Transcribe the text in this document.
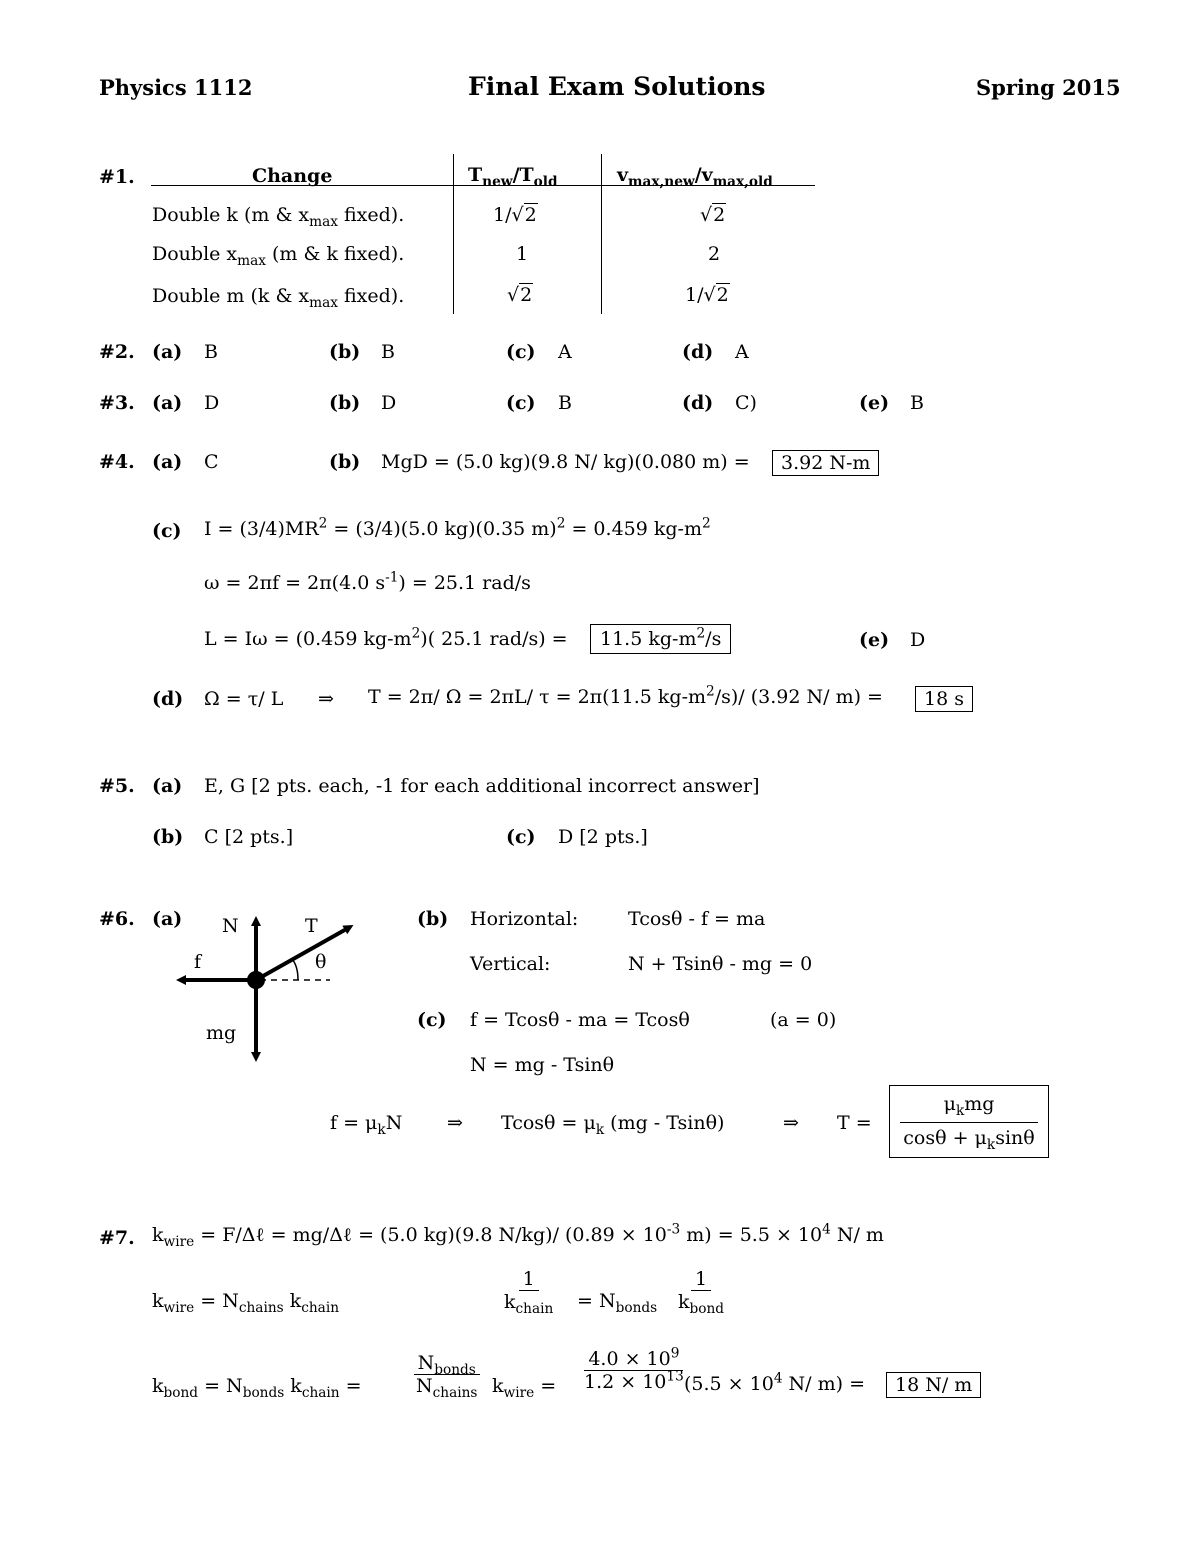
Physics 1112	Final Exam Solutions	Spring 2015
#1.	Change	$T_{new}/T_{old}$	$v_{max,new}/v_{max,old}$
Double k (m & $x_{max}$ fixed).	1/√2	√2
Double $x_{max}$ (m & k fixed).	1	2
Double m (k & $x_{max}$ fixed).	√2	1/√2
#2. (a) B	(b) B	(c) A	(d) A
#3. (a) D	(b) D	(c) B	(d) C)	(e) B
#4. (a) C	(b) MgD = (5.0 kg)(9.8 N/ kg)(0.080 m) =	3.92 N-m
(c) $I = (3/4)MR^2 = (3/4)(5.0$ kg)(0.35 m)$^2$ = 0.459 $kg-m^2$
ω = 2πf = 2π(4.0 $s^{-1}) = 25.1$ rad/s
L = Iω = (0.459 $kg-m^2$)( 25.1 rad/s) =	11.5 $kg-m^2/s$	(e) D
(d) Ω = τ/ L ⇒ T = 2π/ Ω = 2πL/ τ = 2π(11.5 $kg-m^2/s)/$ (3.92 N/ m) =	18 s
#5. (a) E, G [2 pts. each, -1 for each additional incorrect answer]
(b) C [2 pts.]	(c) D [2 pts.]
#6. (a) N	T
f	θ
mg
(b) Horizontal:	Tcosθ - f = ma
Vertical:	N + Tsinθ - mg = 0
(c) f = Tcosθ - ma = Tcosθ	(a = 0)
N = mg - Tsinθ
$f = \mu_kN$ ⇒ $Tcos\theta = \mu_k$ (mg - Tsinθ)	⇒ T =
$\mu_kmg$
$\cos\theta + \mu_k\sin\theta$
#7. $k_{wire}$ = F/Δℓ = mg/Δℓ = (5.0 kg)(9.8 N/kg)/ ($0.89 \times 10^{-3}$ $m) = 5.5 \times 10^4$ N/ m
$k_{wire} = N_{chains}$ $k_{chain}$	$\frac{1}{k_{chain}} = N_{bonds} \frac{1}{k_{bond}}$
$k_{bond} = N_{bonds}$ $k_{chain}$ =	$\frac{N_{bonds}}{N_{chains}} k_{wire} = \frac{4.0 \times 10^9}{1.2 \times 10^{13}}$
($5.5 \times 10^4$ N/ m) =	18 N/ m
